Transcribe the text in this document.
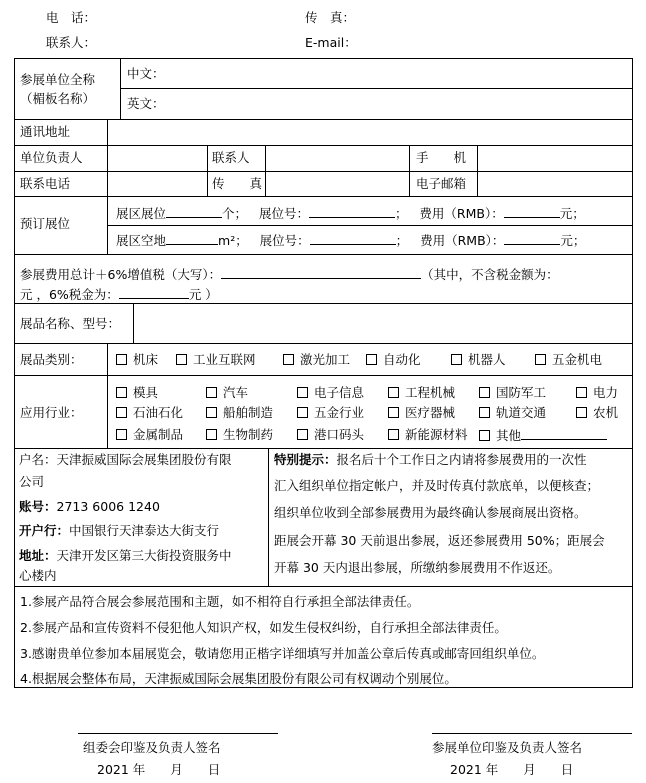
电　话：	传　真：
联系人：	E-mail：
参展单位全称
（楣板名称）
中文：
英文：
通讯地址
单位负责人	联系人	手　　机
联系电话	传　　真	电子邮箱
预订展位
展区展位	个； 展位号：	； 费用（RMB）：	元；
展区空地	m²； 展位号：	； 费用（RMB）：	元；
参展费用总计＋6%增值税（大写）：	（其中，不含税金额为：
元 ，6%税金为：	元 ）
展品名称、型号：
展品类别：	机床	工业互联网	激光加工	自动化	机器人	五金机电
应用行业：
模具	汽车	电子信息	工程机械	国防军工	电力
石油石化	船舶制造	五金行业	医疗器械	轨道交通	农机
金属制品	生物制药	港口码头	新能源材料	其他
户名：天津振威国际会展集团股份有限
公司
账号：2713 6006 1240
开户行：中国银行天津泰达大街支行
地址：天津开发区第三大街投资服务中
心楼内
特别提示：报名后十个工作日之内请将参展费用的一次性
汇入组织单位指定帐户，并及时传真付款底单，以便核查；
组织单位收到全部参展费用为最终确认参展商展出资格。
距展会开幕 30 天前退出参展，返还参展费用 50%；距展会
开幕 30 天内退出参展，所缴纳参展费用不作返还。
1.参展产品符合展会参展范围和主题，如不相符自行承担全部法律责任。
2.参展产品和宣传资料不侵犯他人知识产权，如发生侵权纠纷，自行承担全部法律责任。
3.感谢贵单位参加本届展览会，敬请您用正楷字详细填写并加盖公章后传真或邮寄回组织单位。
4.根据展会整体布局，天津振威国际会展集团股份有限公司有权调动个别展位。
组委会印鉴及负责人签名
2021 年　　月　　日
参展单位印鉴及负责人签名
2021 年　　月　　日
